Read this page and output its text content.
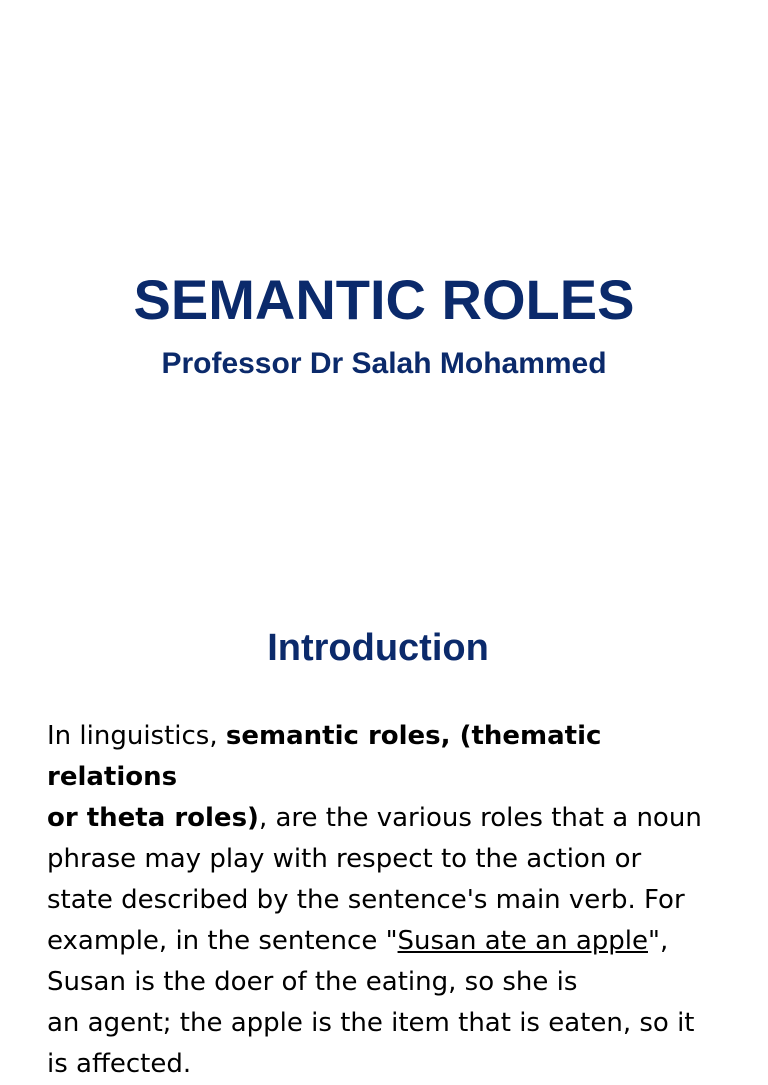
SEMANTIC ROLES
Professor Dr Salah Mohammed
Introduction
In linguistics, semantic roles, (thematic relations
or theta roles), are the various roles that a noun
phrase may play with respect to the action or
state described by the sentence's main verb. For
example, in the sentence "Susan ate an apple",
Susan is the doer of the eating, so she is
an agent; the apple is the item that is eaten, so it
is affected.
